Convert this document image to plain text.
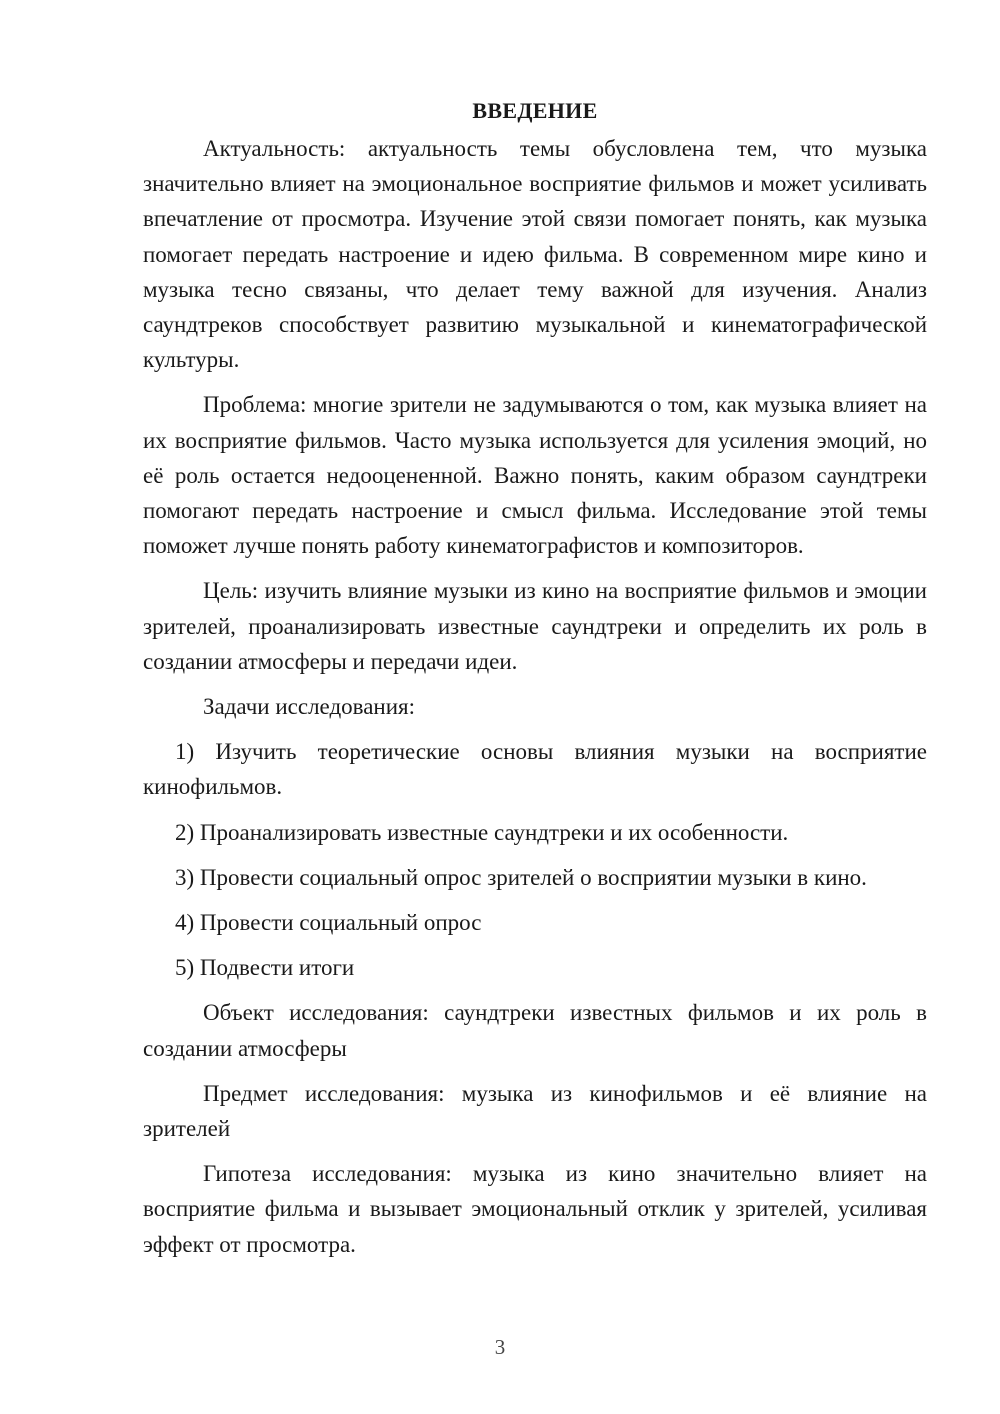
ВВЕДЕНИЕ

Актуальность: актуальность темы обусловлена тем, что музыка значительно влияет на эмоциональное восприятие фильмов и может усиливать впечатление от просмотра. Изучение этой связи помогает понять, как музыка помогает передать настроение и идею фильма. В современном мире кино и музыка тесно связаны, что делает тему важной для изучения. Анализ саундтреков способствует развитию музыкальной и кинематографической культуры.

Проблема: многие зрители не задумываются о том, как музыка влияет на их восприятие фильмов. Часто музыка используется для усиления эмоций, но её роль остается недооцененной. Важно понять, каким образом саундтреки помогают передать настроение и смысл фильма. Исследование этой темы поможет лучше понять работу кинематографистов и композиторов.

Цель: изучить влияние музыки из кино на восприятие фильмов и эмоции зрителей, проанализировать известные саундтреки и определить их роль в создании атмосферы и передачи идеи.

Задачи исследования:

1) Изучить теоретические основы влияния музыки на восприятие кинофильмов.

2) Проанализировать известные саундтреки и их особенности.

3) Провести социальный опрос зрителей о восприятии музыки в кино.

4) Провести социальный опрос

5) Подвести итоги

Объект исследования: саундтреки известных фильмов и их роль в создании атмосферы

Предмет исследования: музыка из кинофильмов и её влияние на зрителей

Гипотеза исследования: музыка из кино значительно влияет на восприятие фильма и вызывает эмоциональный отклик у зрителей, усиливая эффект от просмотра.

3
